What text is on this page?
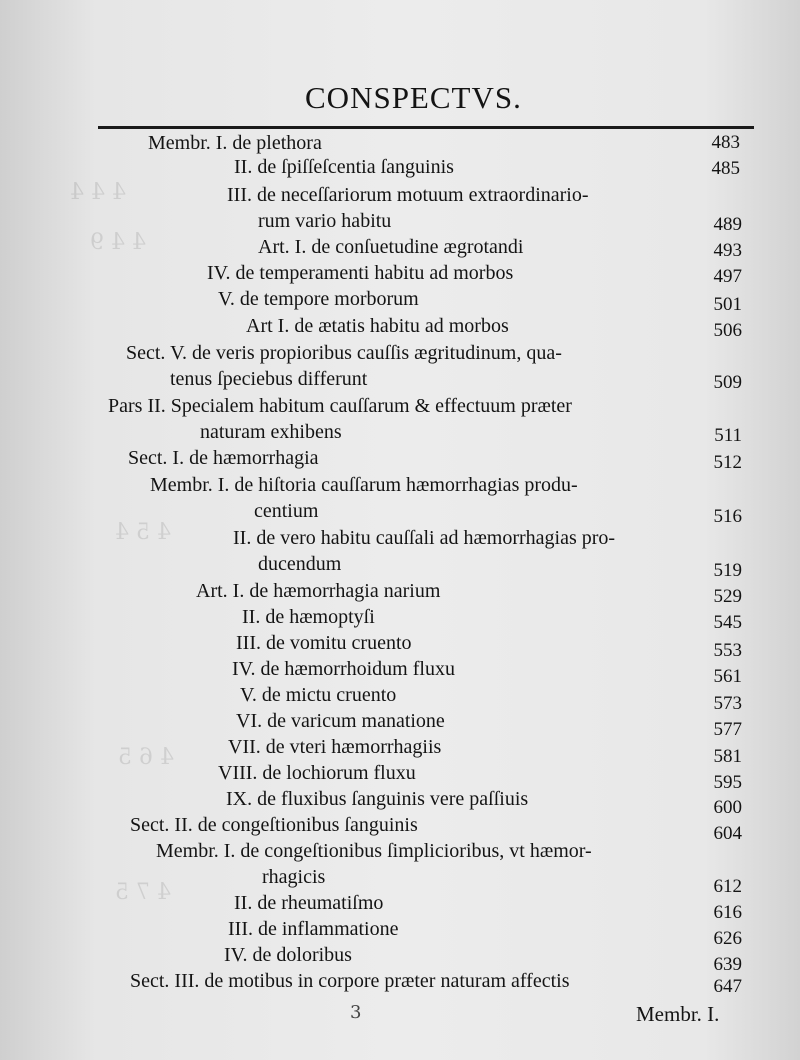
4 4 4
4 4 9
4 5 4
4 6 5
4 7 5
CONSPECTVS.
Membr. I. de plethora	483
II. de ſpiſſeſcentia ſanguinis	485
III. de neceſſariorum motuum extraordinario-
rum vario habitu	489
Art. I. de conſuetudine ægrotandi	493
IV. de temperamenti habitu ad morbos	497
V. de tempore morborum	501
Art I. de ætatis habitu ad morbos	506
Sect. V. de veris propioribus cauſſis ægritudinum, qua-
tenus ſpeciebus differunt	509
Pars II. Specialem habitum cauſſarum & effectuum præter
naturam exhibens	511
Sect. I. de hæmorrhagia	512
Membr. I. de hiſtoria cauſſarum hæmorrhagias produ-
centium	516
II. de vero habitu cauſſali ad hæmorrhagias pro-
ducendum	519
Art. I. de hæmorrhagia narium	529
II. de hæmoptyſi	545
III. de vomitu cruento	553
IV. de hæmorrhoidum fluxu	561
V. de mictu cruento	573
VI. de varicum manatione	577
VII. de vteri hæmorrhagiis	581
VIII. de lochiorum fluxu	595
IX. de fluxibus ſanguinis vere paſſiuis	600
Sect. II. de congeſtionibus ſanguinis	604
Membr. I. de congeſtionibus ſimplicioribus, vt hæmor-
rhagicis	612
II. de rheumatiſmo	616
III. de inflammatione	626
IV. de doloribus	639
Sect. III. de motibus in corpore præter naturam affectis	647
3	Membr. I.
